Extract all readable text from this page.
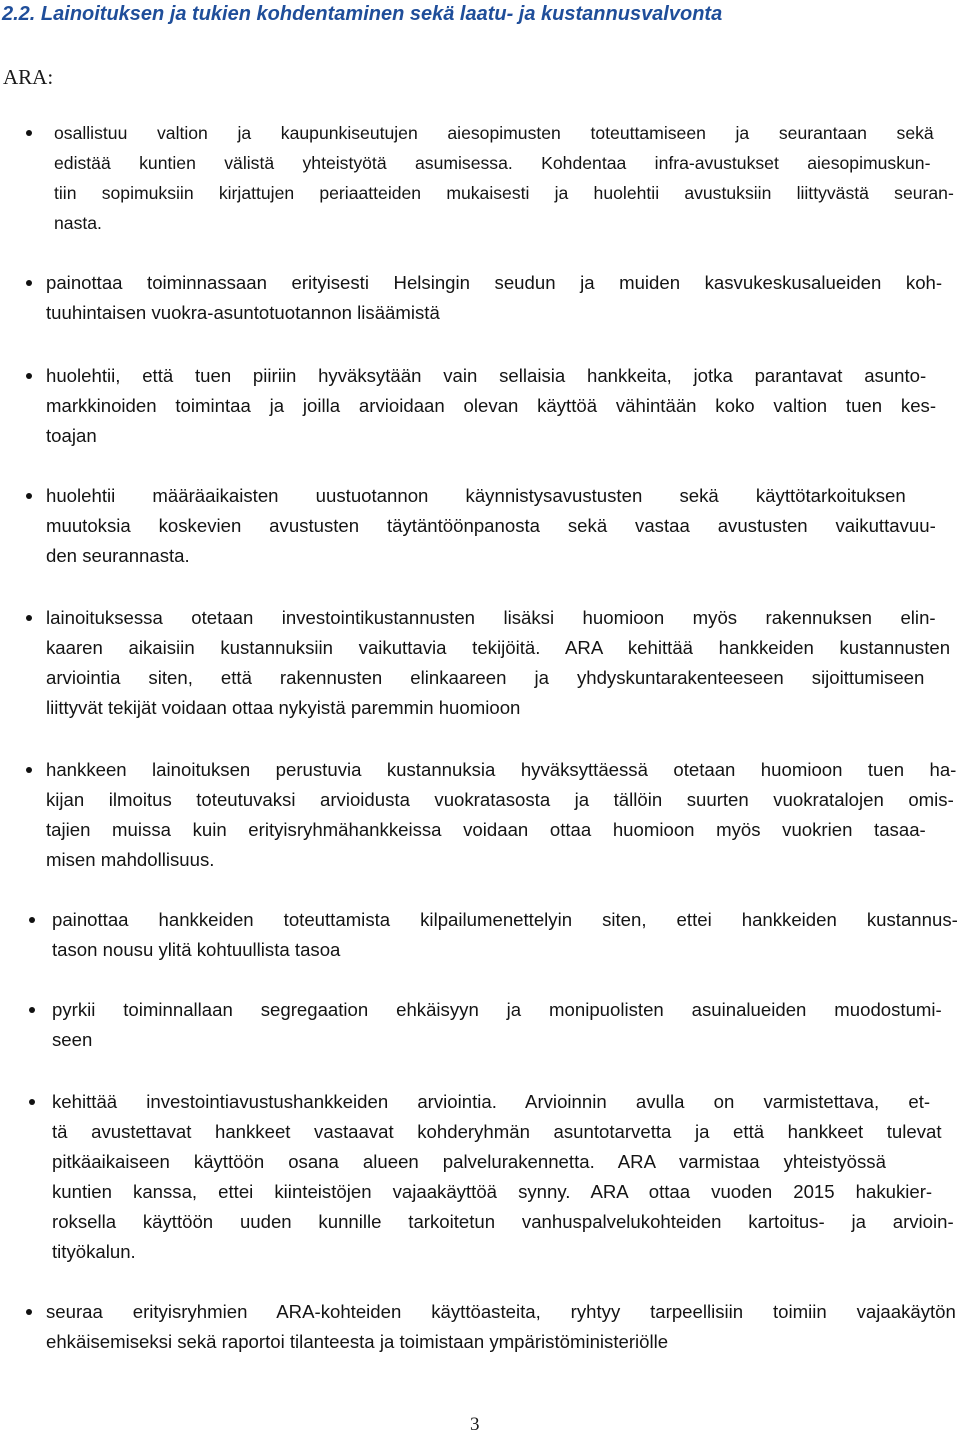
2.2. Lainoituksen ja tukien kohdentaminen sekä laatu- ja kustannusvalvonta
ARA:
osallistuu valtion ja kaupunkiseutujen aiesopimusten toteuttamiseen ja seurantaan sekä
edistää kuntien välistä yhteistyötä asumisessa. Kohdentaa infra-avustukset aiesopimuskun-
tiin sopimuksiin kirjattujen periaatteiden mukaisesti ja huolehtii avustuksiin liittyvästä seuran-
nasta.
painottaa toiminnassaan erityisesti Helsingin seudun ja muiden kasvukeskusalueiden koh-
tuuhintaisen vuokra-asuntotuotannon lisäämistä
huolehtii, että tuen piiriin hyväksytään vain sellaisia hankkeita, jotka parantavat asunto-
markkinoiden toimintaa ja joilla arvioidaan olevan käyttöä vähintään koko valtion tuen kes-
toajan
huolehtii määräaikaisten uustuotannon käynnistysavustusten sekä käyttötarkoituksen
muutoksia koskevien avustusten täytäntöönpanosta sekä vastaa avustusten vaikuttavuu-
den seurannasta.
lainoituksessa otetaan investointikustannusten lisäksi huomioon myös rakennuksen elin-
kaaren aikaisiin kustannuksiin vaikuttavia tekijöitä. ARA kehittää hankkeiden kustannusten
arviointia siten, että rakennusten elinkaareen ja yhdyskuntarakenteeseen sijoittumiseen
liittyvät tekijät voidaan ottaa nykyistä paremmin huomioon
hankkeen lainoituksen perustuvia kustannuksia hyväksyttäessä otetaan huomioon tuen ha-
kijan ilmoitus toteutuvaksi arvioidusta vuokratasosta ja tällöin suurten vuokratalojen omis-
tajien muissa kuin erityisryhmähankkeissa voidaan ottaa huomioon myös vuokrien tasaa-
misen mahdollisuus.
painottaa hankkeiden toteuttamista kilpailumenettelyin siten, ettei hankkeiden kustannus-
tason nousu ylitä kohtuullista tasoa
pyrkii toiminnallaan segregaation ehkäisyyn ja monipuolisten asuinalueiden muodostumi-
seen
kehittää investointiavustushankkeiden arviointia. Arvioinnin avulla on varmistettava, et-
tä avustettavat hankkeet vastaavat kohderyhmän asuntotarvetta ja että hankkeet tulevat
pitkäaikaiseen käyttöön osana alueen palvelurakennetta. ARA varmistaa yhteistyössä
kuntien kanssa, ettei kiinteistöjen vajaakäyttöä synny. ARA ottaa vuoden 2015 hakukier-
roksella käyttöön uuden kunnille tarkoitetun vanhuspalvelukohteiden kartoitus- ja arvioin-
tityökalun.
seuraa erityisryhmien ARA-kohteiden käyttöasteita, ryhtyy tarpeellisiin toimiin vajaakäytön
ehkäisemiseksi sekä raportoi tilanteesta ja toimistaan ympäristöministeriölle
3
